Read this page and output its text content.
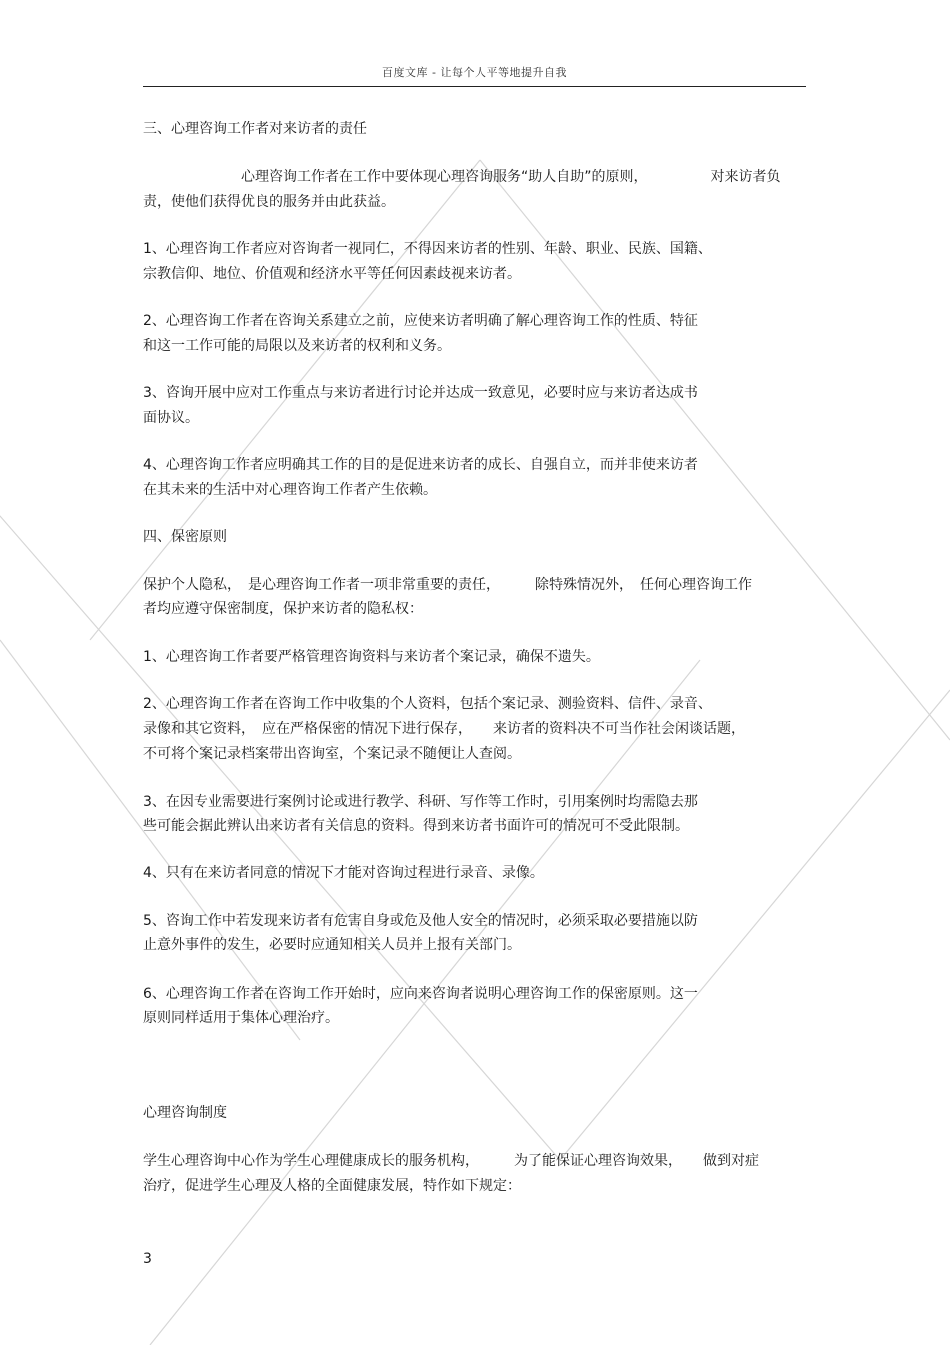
百度文库 - 让每个人平等地提升自我
三、心理咨询工作者对来访者的责任
　　　　　　　心理咨询工作者在工作中要体现心理咨询服务“助人自助”的原则，　　　　　对来访者负
责，使他们获得优良的服务并由此获益。
1、心理咨询工作者应对咨询者一视同仁，不得因来访者的性别、年龄、职业、民族、国籍、
宗教信仰、地位、价值观和经济水平等任何因素歧视来访者。
2、心理咨询工作者在咨询关系建立之前，应使来访者明确了解心理咨询工作的性质、特征
和这一工作可能的局限以及来访者的权利和义务。
3、咨询开展中应对工作重点与来访者进行讨论并达成一致意见，必要时应与来访者达成书
面协议。
4、心理咨询工作者应明确其工作的目的是促进来访者的成长、自强自立，而并非使来访者
在其未来的生活中对心理咨询工作者产生依赖。
四、保密原则
保护个人隐私，　是心理咨询工作者一项非常重要的责任，　　　除特殊情况外，　任何心理咨询工作
者均应遵守保密制度，保护来访者的隐私权：
1、心理咨询工作者要严格管理咨询资料与来访者个案记录，确保不遗失。
2、心理咨询工作者在咨询工作中收集的个人资料，包括个案记录、测验资料、信件、录音、
录像和其它资料，　应在严格保密的情况下进行保存，　　来访者的资料决不可当作社会闲谈话题，
不可将个案记录档案带出咨询室，个案记录不随便让人查阅。
3、在因专业需要进行案例讨论或进行教学、科研、写作等工作时，引用案例时均需隐去那
些可能会据此辨认出来访者有关信息的资料。得到来访者书面许可的情况可不受此限制。
4、只有在来访者同意的情况下才能对咨询过程进行录音、录像。
5、咨询工作中若发现来访者有危害自身或危及他人安全的情况时，必须采取必要措施以防
止意外事件的发生，必要时应通知相关人员并上报有关部门。
6、心理咨询工作者在咨询工作开始时，应向来咨询者说明心理咨询工作的保密原则。这一
原则同样适用于集体心理治疗。
心理咨询制度
学生心理咨询中心作为学生心理健康成长的服务机构，　　　为了能保证心理咨询效果，　　做到对症
治疗，促进学生心理及人格的全面健康发展，特作如下规定：
3
